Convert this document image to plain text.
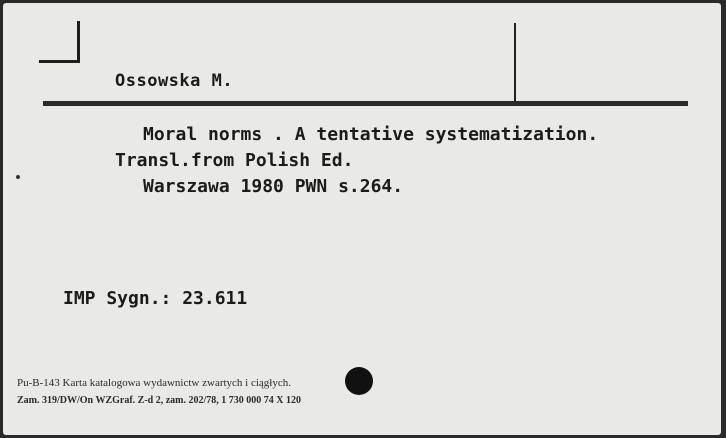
Ossowska M.
Moral norms . A tentative systematization.
Transl.from Polish Ed.
Warszawa 1980 PWN s.264.
IMP Sygn.: 23.611
Pu-B-143 Karta katalogowa wydawnictw zwartych i ciągłych.
Zam. 319/DW/On WZGraf. Z-d 2, zam. 202/78, 1 730 000 74 X 120
